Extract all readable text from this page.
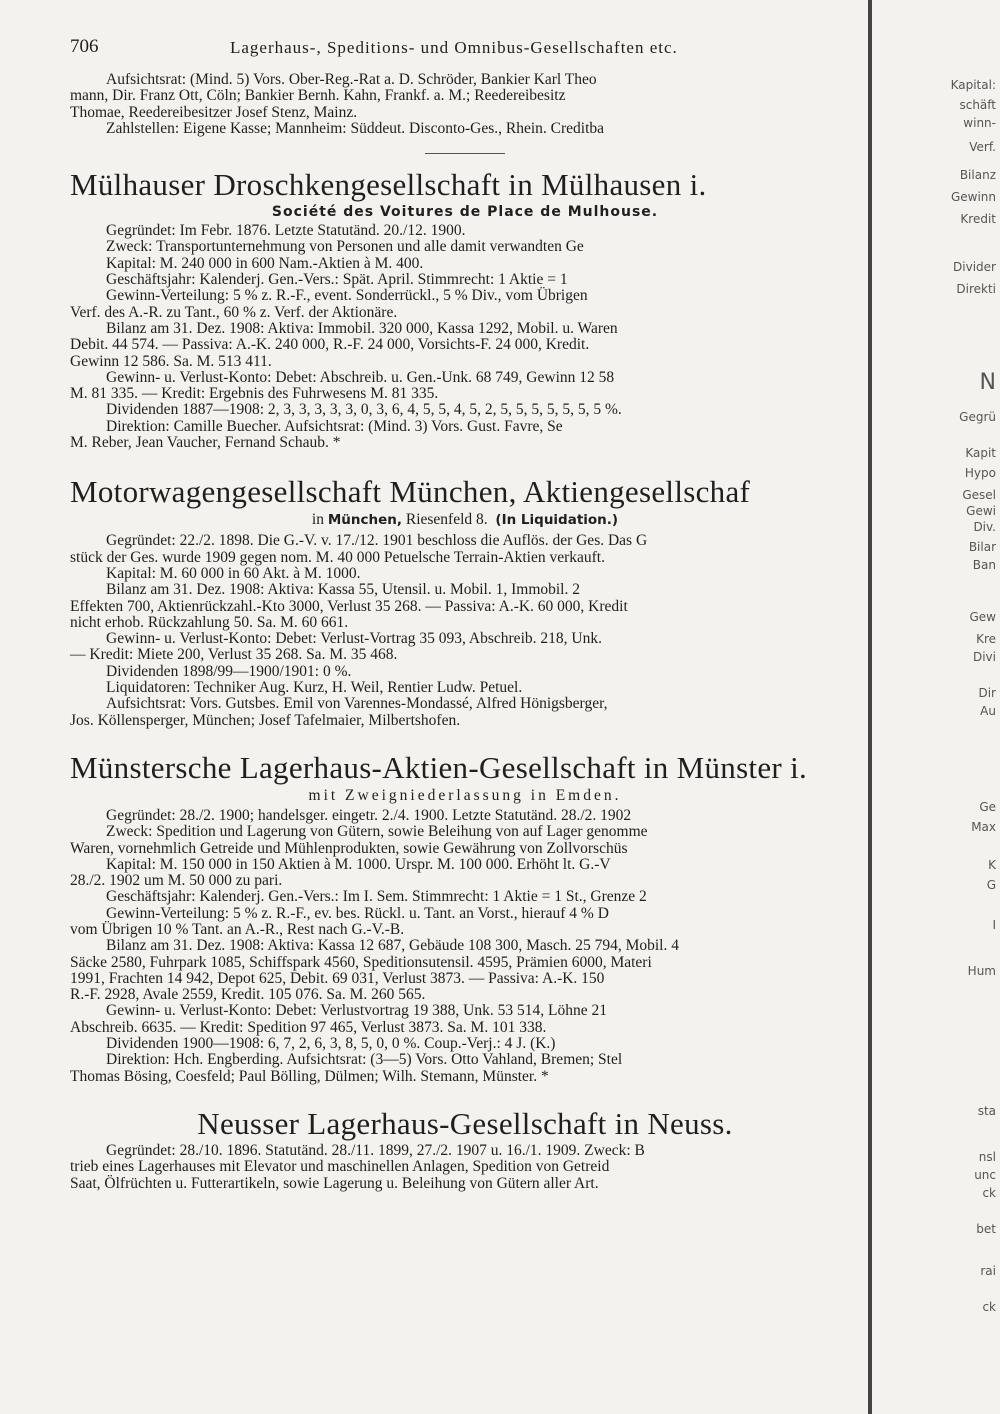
706	Lagerhaus-, Speditions- und Omnibus-Gesellschaften etc.

Aufsichtsrat: (Mind. 5) Vors. Ober-Reg.-Rat a. D. Schröder, Bankier Karl Theo

mann, Dir. Franz Ott, Cöln; Bankier Bernh. Kahn, Frankf. a. M.; Reedereibesitz

Thomae, Reedereibesitzer Josef Stenz, Mainz.

Zahlstellen: Eigene Kasse; Mannheim: Süddeut. Disconto-Ges., Rhein. Creditba

Mülhauser Droschkengesellschaft in Mülhausen i.
Société des Voitures de Place de Mulhouse.

Gegründet: Im Febr. 1876. Letzte Statutänd. 20./12. 1900.

Zweck: Transportunternehmung von Personen und alle damit verwandten Ge

Kapital: M. 240 000 in 600 Nam.-Aktien à M. 400.

Geschäftsjahr: Kalenderj. Gen.-Vers.: Spät. April. Stimmrecht: 1 Aktie = 1

Gewinn-Verteilung: 5 % z. R.-F., event. Sonderrückl., 5 % Div., vom Übrigen

Verf. des A.-R. zu Tant., 60 % z. Verf. der Aktionäre.

Bilanz am 31. Dez. 1908: Aktiva: Immobil. 320 000, Kassa 1292, Mobil. u. Waren

Debit. 44 574. — Passiva: A.-K. 240 000, R.-F. 24 000, Vorsichts-F. 24 000, Kredit.

Gewinn 12 586. Sa. M. 513 411.

Gewinn- u. Verlust-Konto: Debet: Abschreib. u. Gen.-Unk. 68 749, Gewinn 12 58

M. 81 335. — Kredit: Ergebnis des Fuhrwesens M. 81 335.

Dividenden 1887—1908: 2, 3, 3, 3, 3, 3, 0, 3, 6, 4, 5, 5, 4, 5, 2, 5, 5, 5, 5, 5, 5, 5 %.

Direktion: Camille Buecher. Aufsichtsrat: (Mind. 3) Vors. Gust. Favre, Se

M. Reber, Jean Vaucher, Fernand Schaub. *

Motorwagengesellschaft München, Aktiengesellschaf
in München, Riesenfeld 8. (In Liquidation.)

Gegründet: 22./2. 1898. Die G.-V. v. 17./12. 1901 beschloss die Auflös. der Ges. Das G

stück der Ges. wurde 1909 gegen nom. M. 40 000 Petuelsche Terrain-Aktien verkauft.

Kapital: M. 60 000 in 60 Akt. à M. 1000.

Bilanz am 31. Dez. 1908: Aktiva: Kassa 55, Utensil. u. Mobil. 1, Immobil. 2

Effekten 700, Aktienrückzahl.-Kto 3000, Verlust 35 268. — Passiva: A.-K. 60 000, Kredit

nicht erhob. Rückzahlung 50. Sa. M. 60 661.

Gewinn- u. Verlust-Konto: Debet: Verlust-Vortrag 35 093, Abschreib. 218, Unk.

— Kredit: Miete 200, Verlust 35 268. Sa. M. 35 468.

Dividenden 1898/99—1900/1901: 0 %.

Liquidatoren: Techniker Aug. Kurz, H. Weil, Rentier Ludw. Petuel.

Aufsichtsrat: Vors. Gutsbes. Emil von Varennes-Mondassé, Alfred Hönigsberger,

Jos. Köllensperger, München; Josef Tafelmaier, Milbertshofen.

Münstersche Lagerhaus-Aktien-Gesellschaft in Münster i.
mit Zweigniederlassung in Emden.

Gegründet: 28./2. 1900; handelsger. eingetr. 2./4. 1900. Letzte Statutänd. 28./2. 1902

Zweck: Spedition und Lagerung von Gütern, sowie Beleihung von auf Lager genomme

Waren, vornehmlich Getreide und Mühlenprodukten, sowie Gewährung von Zollvorschüs

Kapital: M. 150 000 in 150 Aktien à M. 1000. Urspr. M. 100 000. Erhöht lt. G.-V

28./2. 1902 um M. 50 000 zu pari.

Geschäftsjahr: Kalenderj. Gen.-Vers.: Im I. Sem. Stimmrecht: 1 Aktie = 1 St., Grenze 2

Gewinn-Verteilung: 5 % z. R.-F., ev. bes. Rückl. u. Tant. an Vorst., hierauf 4 % D

vom Übrigen 10 % Tant. an A.-R., Rest nach G.-V.-B.

Bilanz am 31. Dez. 1908: Aktiva: Kassa 12 687, Gebäude 108 300, Masch. 25 794, Mobil. 4

Säcke 2580, Fuhrpark 1085, Schiffspark 4560, Speditionsutensil. 4595, Prämien 6000, Materi

1991, Frachten 14 942, Depot 625, Debit. 69 031, Verlust 3873. — Passiva: A.-K. 150

R.-F. 2928, Avale 2559, Kredit. 105 076. Sa. M. 260 565.

Gewinn- u. Verlust-Konto: Debet: Verlustvortrag 19 388, Unk. 53 514, Löhne 21

Abschreib. 6635. — Kredit: Spedition 97 465, Verlust 3873. Sa. M. 101 338.

Dividenden 1900—1908: 6, 7, 2, 6, 3, 8, 5, 0, 0 %. Coup.-Verj.: 4 J. (K.)

Direktion: Hch. Engberding. Aufsichtsrat: (3—5) Vors. Otto Vahland, Bremen; Stel

Thomas Bösing, Coesfeld; Paul Bölling, Dülmen; Wilh. Stemann, Münster. *

Neusser Lagerhaus-Gesellschaft in Neuss.

Gegründet: 28./10. 1896. Statutänd. 28./11. 1899, 27./2. 1907 u. 16./1. 1909. Zweck: B

trieb eines Lagerhauses mit Elevator und maschinellen Anlagen, Spedition von Getreid

Saat, Ölfrüchten u. Futterartikeln, sowie Lagerung u. Beleihung von Gütern aller Art.

Kapital:
schäft
winn-
Verf.
Bilanz
Gewinn
Kredit
Divider
Direkti
N
Gegrü
Kapit
Hypo
Gesel
Gewi
Div.
Bilar
Ban
Gew
Kre
Divi
Dir
Au
Ge
Max
K
G
I
Hum
sta
nsl
unc
ck
bet
rai
ck
